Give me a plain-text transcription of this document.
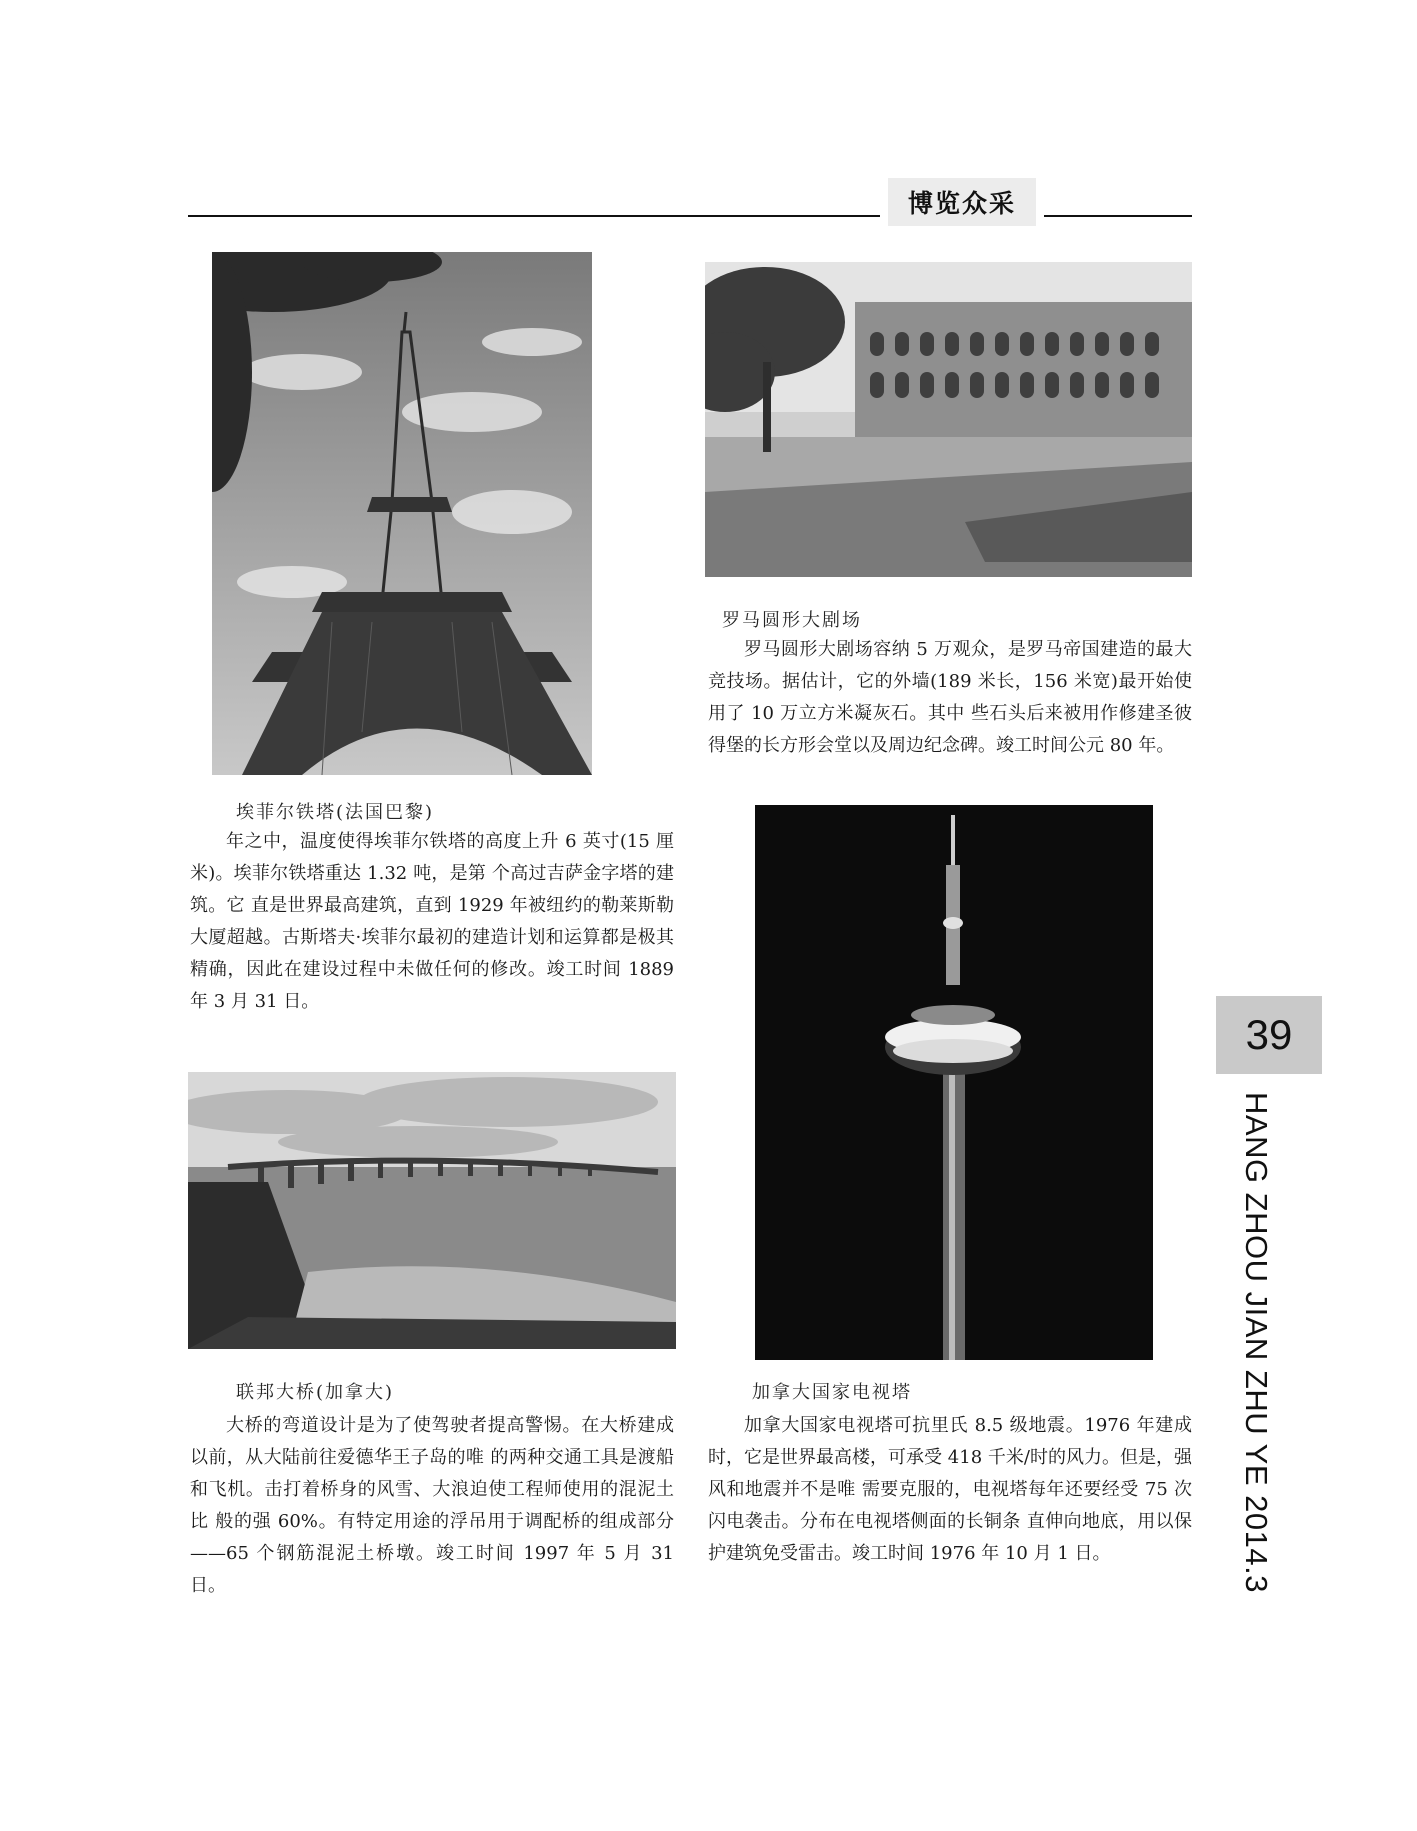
博览众采
埃菲尔铁塔(法国巴黎)
罗马圆形大剧场
联邦大桥(加拿大)	加拿大国家电视塔

年之中，温度使得埃菲尔铁塔的高度上升 6 英寸(15 厘米)。埃菲尔铁塔重达 1.32 吨，是第 个高过吉萨金字塔的建筑。它 直是世界最高建筑，直到 1929 年被纽约的勒莱斯勒大厦超越。古斯塔夫·埃菲尔最初的建造计划和运算都是极其精确，因此在建设过程中未做任何的修改。竣工时间 1889 年 3 月 31 日。

罗马圆形大剧场容纳 5 万观众，是罗马帝国建造的最大竞技场。据估计，它的外墙(189 米长，156 米宽)最开始使用了 10 万立方米凝灰石。其中 些石头后来被用作修建圣彼得堡的长方形会堂以及周边纪念碑。竣工时间公元 80 年。

大桥的弯道设计是为了使驾驶者提高警惕。在大桥建成以前，从大陆前往爱德华王子岛的唯 的两种交通工具是渡船和飞机。击打着桥身的风雪、大浪迫使工程师使用的混泥土比 般的强 60%。有特定用途的浮吊用于调配桥的组成部分——65 个钢筋混泥土桥墩。竣工时间 1997 年 5 月 31 日。

加拿大国家电视塔可抗里氏 8.5 级地震。1976 年建成时，它是世界最高楼，可承受 418 千米/时的风力。但是，强风和地震并不是唯 需要克服的，电视塔每年还要经受 75 次闪电袭击。分布在电视塔侧面的长铜条 直伸向地底，用以保护建筑免受雷击。竣工时间 1976 年 10 月 1 日。

39
HANG ZHOU JIAN ZHU YE 2014.3
